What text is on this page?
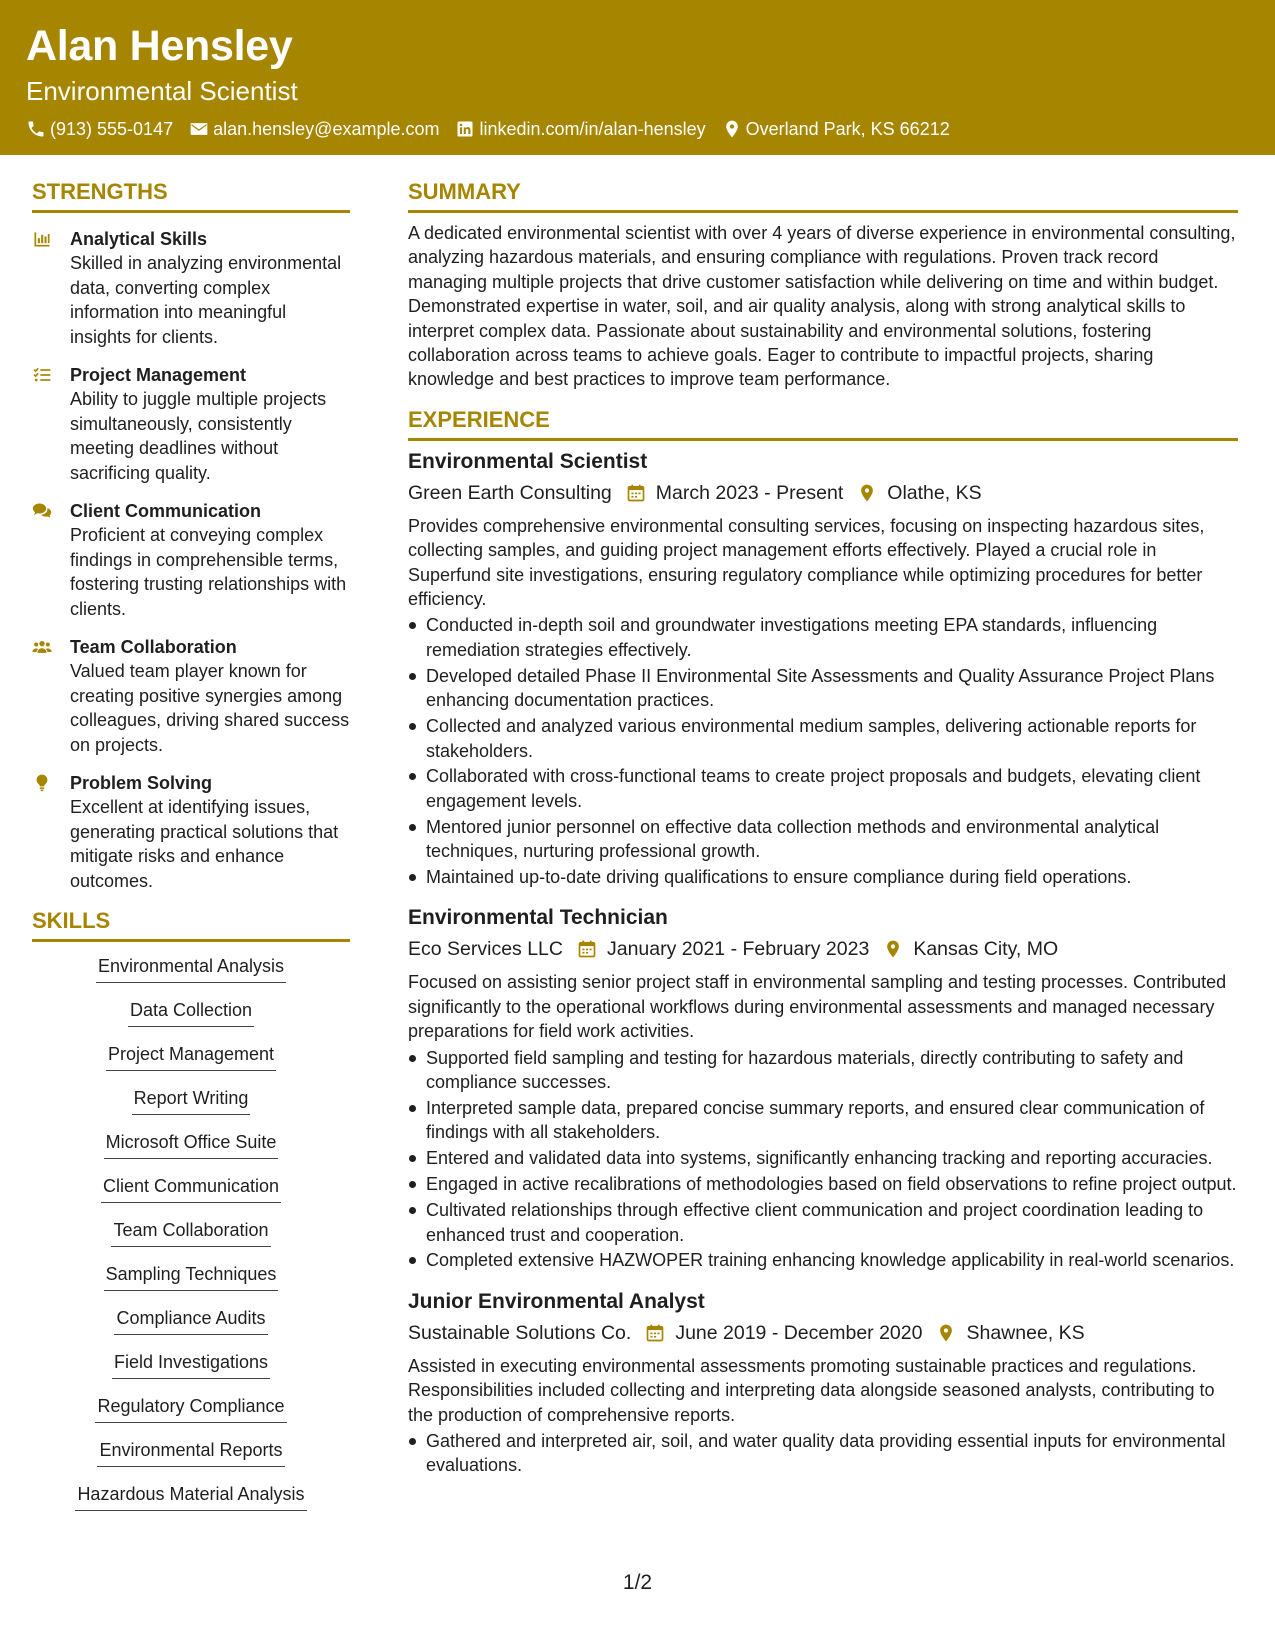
Alan Hensley
Environmental Scientist
(913) 555-0147 alan.hensley@example.com linkedin.com/in/alan-hensley Overland Park, KS 66212
STRENGTHS
Analytical Skills
Skilled in analyzing environmental data, converting complex information into meaningful insights for clients.
Project Management
Ability to juggle multiple projects simultaneously, consistently meeting deadlines without sacrificing quality.
Client Communication
Proficient at conveying complex findings in comprehensible terms, fostering trusting relationships with clients.
Team Collaboration
Valued team player known for creating positive synergies among colleagues, driving shared success on projects.
Problem Solving
Excellent at identifying issues, generating practical solutions that mitigate risks and enhance outcomes.
SKILLS
Environmental Analysis
Data Collection
Project Management
Report Writing
Microsoft Office Suite
Client Communication
Team Collaboration
Sampling Techniques
Compliance Audits
Field Investigations
Regulatory Compliance
Environmental Reports
Hazardous Material Analysis
SUMMARY

A dedicated environmental scientist with over 4 years of diverse experience in environmental consulting, analyzing hazardous materials, and ensuring compliance with regulations. Proven track record managing multiple projects that drive customer satisfaction while delivering on time and within budget. Demonstrated expertise in water, soil, and air quality analysis, along with strong analytical skills to interpret complex data. Passionate about sustainability and environmental solutions, fostering collaboration across teams to achieve goals. Eager to contribute to impactful projects, sharing knowledge and best practices to improve team performance.

EXPERIENCE
Environmental Scientist
Green Earth Consulting March 2023 - Present Olathe, KS

Provides comprehensive environmental consulting services, focusing on inspecting hazardous sites, collecting samples, and guiding project management efforts effectively. Played a crucial role in Superfund site investigations, ensuring regulatory compliance while optimizing procedures for better efficiency.

Conducted in-depth soil and groundwater investigations meeting EPA standards, influencing remediation strategies effectively.
Developed detailed Phase II Environmental Site Assessments and Quality Assurance Project Plans enhancing documentation practices.
Collected and analyzed various environmental medium samples, delivering actionable reports for stakeholders.
Collaborated with cross-functional teams to create project proposals and budgets, elevating client engagement levels.
Mentored junior personnel on effective data collection methods and environmental analytical techniques, nurturing professional growth.
Maintained up-to-date driving qualifications to ensure compliance during field operations.
Environmental Technician
Eco Services LLC January 2021 - February 2023 Kansas City, MO

Focused on assisting senior project staff in environmental sampling and testing processes. Contributed significantly to the operational workflows during environmental assessments and managed necessary preparations for field work activities.

Supported field sampling and testing for hazardous materials, directly contributing to safety and compliance successes.
Interpreted sample data, prepared concise summary reports, and ensured clear communication of findings with all stakeholders.
Entered and validated data into systems, significantly enhancing tracking and reporting accuracies.
Engaged in active recalibrations of methodologies based on field observations to refine project output.
Cultivated relationships through effective client communication and project coordination leading to enhanced trust and cooperation.
Completed extensive HAZWOPER training enhancing knowledge applicability in real-world scenarios.
Junior Environmental Analyst
Sustainable Solutions Co. June 2019 - December 2020 Shawnee, KS

Assisted in executing environmental assessments promoting sustainable practices and regulations. Responsibilities included collecting and interpreting data alongside seasoned analysts, contributing to the production of comprehensive reports.

Gathered and interpreted air, soil, and water quality data providing essential inputs for environmental evaluations.
1/2
